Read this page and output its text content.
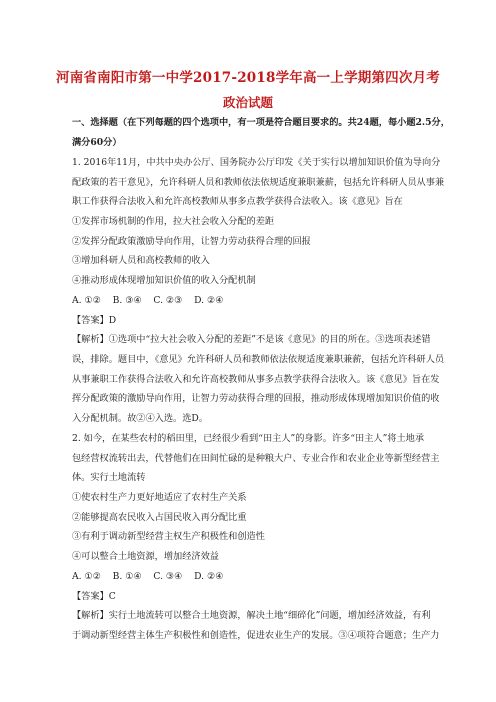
河南省南阳市第一中学2017-2018学年高一上学期第四次月考
政治试题
一、选择题（在下列每题的四个选项中，有一项是符合题目要求的。共24题，每小题2.5分，
满分60分）
1. 2016年11月，中共中央办公厅、国务院办公厅印发《关于实行以增加知识价值为导向分
配政策的若干意见》，允许科研人员和教师依法依规适度兼职兼薪，包括允许科研人员从事兼
职工作获得合法收入和允许高校教师从事多点教学获得合法收入。该《意见》旨在
①发挥市场机制的作用，拉大社会收入分配的差距
②发挥分配政策激励导向作用，让智力劳动获得合理的回报
③增加科研人员和高校教师的收入
④推动形成体现增加知识价值的收入分配机制
A. ①②    B. ③④    C. ②③    D. ②④
【答案】D
【解析】①选项中“拉大社会收入分配的差距”不是该《意见》的目的所在。③选项表述错
误，排除。题目中，《意见》允许科研人员和教师依法依规适度兼职兼薪，包括允许科研人员
从事兼职工作获得合法收入和允许高校教师从事多点教学获得合法收入。该《意见》旨在发
挥分配政策的激励导向作用，让智力劳动获得合理的回报，推动形成体现增加知识价值的收
入分配机制。故②④入选。选D。
2. 如今，在某些农村的稻田里，已经很少看到“田主人”的身影。许多“田主人”将土地承
包经营权流转出去，代替他们在田间忙碌的是种粮大户、专业合作和农业企业等新型经营主
体。实行土地流转
①使农村生产力更好地适应了农村生产关系
②能够提高农民收入占国民收入再分配比重
③有利于调动新型经营主权生产积极性和创造性
④可以整合土地资源，增加经济效益
A. ①②    B. ①④    C. ③④    D. ②④
【答案】C
【解析】实行土地流转可以整合土地资源，解决土地“细碎化”问题，增加经济效益，有利
于调动新型经营主体生产积极性和创造性，促进农业生产的发展。③④项符合题意；生产力
